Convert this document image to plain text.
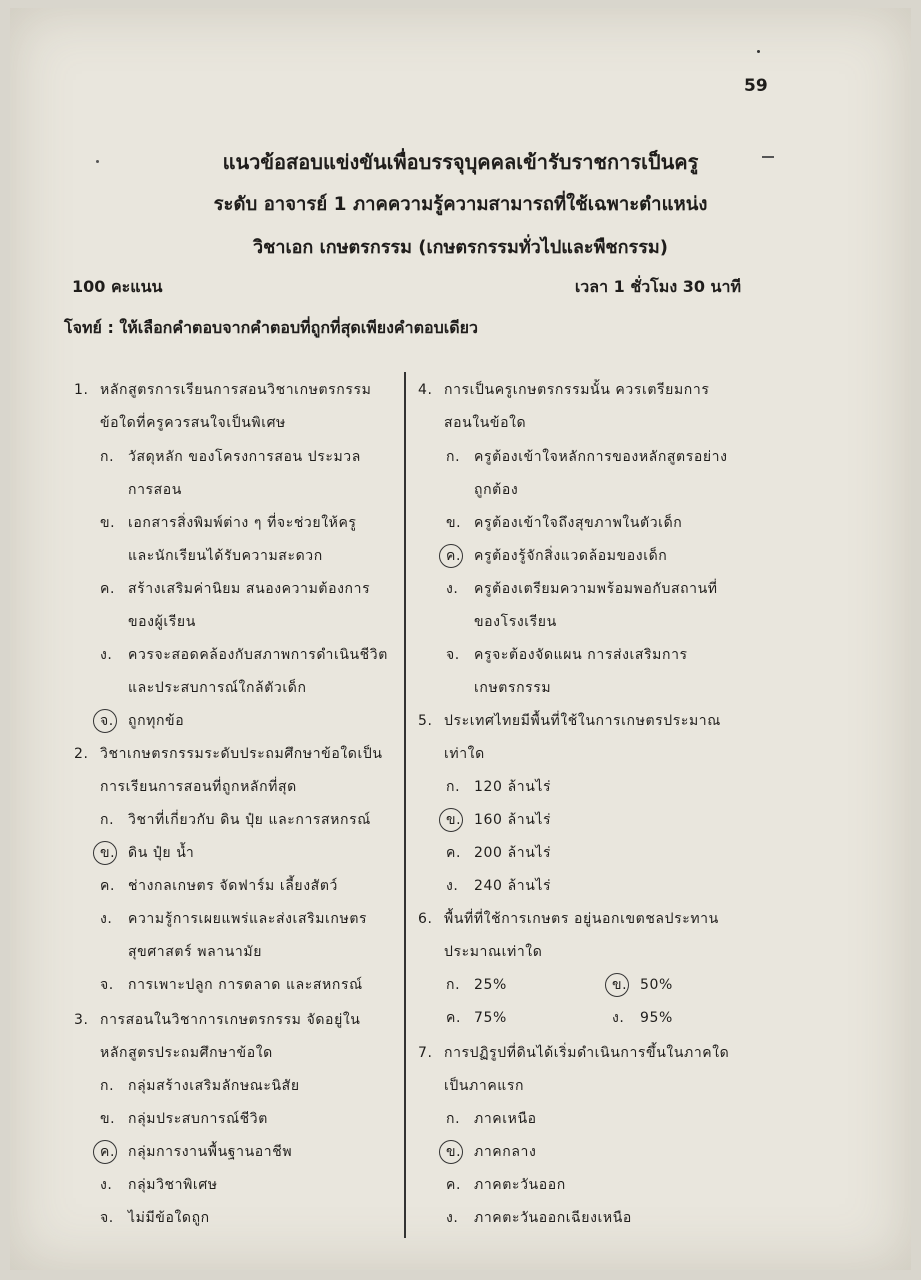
59
แนวข้อสอบแข่งขันเพื่อบรรจุบุคคลเข้ารับราชการเป็นครู
ระดับ อาจารย์ 1 ภาคความรู้ความสามารถที่ใช้เฉพาะตำแหน่ง
วิชาเอก เกษตรกรรม (เกษตรกรรมทั่วไปและพืชกรรม)
100 คะแนน	เวลา 1 ชั่วโมง 30 นาที
โจทย์ : ให้เลือกคำตอบจากคำตอบที่ถูกที่สุดเพียงคำตอบเดียว
1. หลักสูตรการเรียนการสอนวิชาเกษตรกรรม
ข้อใดที่ครูควรสนใจเป็นพิเศษ
ก. วัสดุหลัก ของโครงการสอน ประมวล
การสอน
ข. เอกสารสิ่งพิมพ์ต่าง ๆ ที่จะช่วยให้ครู
และนักเรียนได้รับความสะดวก
ค. สร้างเสริมค่านิยม สนองความต้องการ
ของผู้เรียน
ง. ควรจะสอดคล้องกับสภาพการดำเนินชีวิต
และประสบการณ์ใกล้ตัวเด็ก
จ. ถูกทุกข้อ
2. วิชาเกษตรกรรมระดับประถมศึกษาข้อใดเป็น
การเรียนการสอนที่ถูกหลักที่สุด
ก. วิชาที่เกี่ยวกับ ดิน ปุ๋ย และการสหกรณ์
ข. ดิน ปุ๋ย น้ำ
ค. ช่างกลเกษตร จัดฟาร์ม เลี้ยงสัตว์
ง. ความรู้การเผยแพร่และส่งเสริมเกษตร
สุขศาสตร์ พลานามัย
จ. การเพาะปลูก การตลาด และสหกรณ์
3. การสอนในวิชาการเกษตรกรรม จัดอยู่ใน
หลักสูตรประถมศึกษาข้อใด
ก. กลุ่มสร้างเสริมลักษณะนิสัย
ข. กลุ่มประสบการณ์ชีวิต
ค. กลุ่มการงานพื้นฐานอาชีพ
ง. กลุ่มวิชาพิเศษ
จ. ไม่มีข้อใดถูก
4. การเป็นครูเกษตรกรรมนั้น ควรเตรียมการ
สอนในข้อใด
ก. ครูต้องเข้าใจหลักการของหลักสูตรอย่าง
ถูกต้อง
ข. ครูต้องเข้าใจถึงสุขภาพในตัวเด็ก
ค. ครูต้องรู้จักสิ่งแวดล้อมของเด็ก
ง. ครูต้องเตรียมความพร้อมพอกับสถานที่
ของโรงเรียน
จ. ครูจะต้องจัดแผน การส่งเสริมการ
เกษตรกรรม
5. ประเทศไทยมีพื้นที่ใช้ในการเกษตรประมาณ
เท่าใด
ก. 120 ล้านไร่
ข. 160 ล้านไร่
ค. 200 ล้านไร่
ง. 240 ล้านไร่
6. พื้นที่ที่ใช้การเกษตร อยู่นอกเขตชลประทาน
ประมาณเท่าใด
ก. 25%	ข. 50%
ค. 75%	ง. 95%
7. การปฏิรูปที่ดินได้เริ่มดำเนินการขึ้นในภาคใด
เป็นภาคแรก
ก. ภาคเหนือ
ข. ภาคกลาง
ค. ภาคตะวันออก
ง. ภาคตะวันออกเฉียงเหนือ
